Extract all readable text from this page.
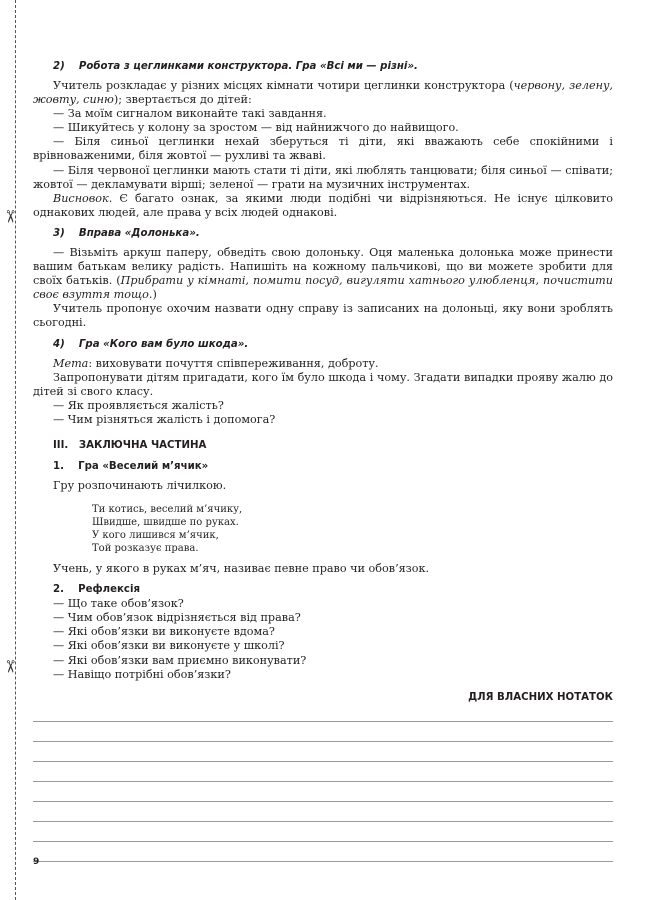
✂
✂

2)    Робота з цеглинками конструктора. Гра «Всі ми — різні».

Учитель розкладає у різних місцях кімнати чотири цеглинки конструктора (червону, зелену, жовту, синю); звертається до дітей:

— За моїм сигналом виконайте такі завдання.

— Шикуйтесь у колону за зростом — від найнижчого до найвищого.

— Біля синьої цеглинки нехай зберуться ті діти, які вважають себе спокійними і врівноваженими, біля жовтої — рухливі та жваві.

— Біля червоної цеглинки мають стати ті діти, які люблять танцювати; біля синьої — співати; жовтої — декламувати вірші; зеленої — грати на музичних інструментах.

Висновок. Є багато ознак, за якими люди подібні чи відрізняються. Не існує цілковито однакових людей, але права у всіх людей однакові.

3)    Вправа «Долонька».

— Візьміть аркуш паперу, обведіть свою долоньку. Оця маленька долонька може принести вашим батькам велику радість. Напишіть на кожному пальчикові, що ви можете зробити для своїх батьків. (Прибрати у кімнаті, помити посуд, вигуляти хатнього улюбленця, почистити своє взуття тощо.)

Учитель пропонує охочим назвати одну справу із записаних на долоньці, яку вони зроблять сьогодні.

4)    Гра «Кого вам було шкода».

Мета: виховувати почуття співпереживання, доброту.

Запропонувати дітям пригадати, кого їм було шкода і чому. Згадати випадки прояву жалю до дітей зі свого класу.

— Як проявляється жалість?

— Чим різняться жалість і допомога?

III.   ЗАКЛЮЧНА ЧАСТИНА

1.    Гра «Веселий м’ячик»

Гру розпочинають лічилкою.

Ти котись, веселий м’ячику,
Швидше, швидше по руках.
У кого лишився м’ячик,
Той розказує права.

Учень, у якого в руках м’яч, називає певне право чи обов’язок.

2.    Рефлексія

— Що таке обов’язок?

— Чим обов’язок відрізняється від права?

— Які обов’язки ви виконуєте вдома?

— Які обов’язки ви виконуєте у школі?

— Які обов’язки вам приємно виконувати?

— Навіщо потрібні обов’язки?

ДЛЯ ВЛАСНИХ НОТАТОК
9
